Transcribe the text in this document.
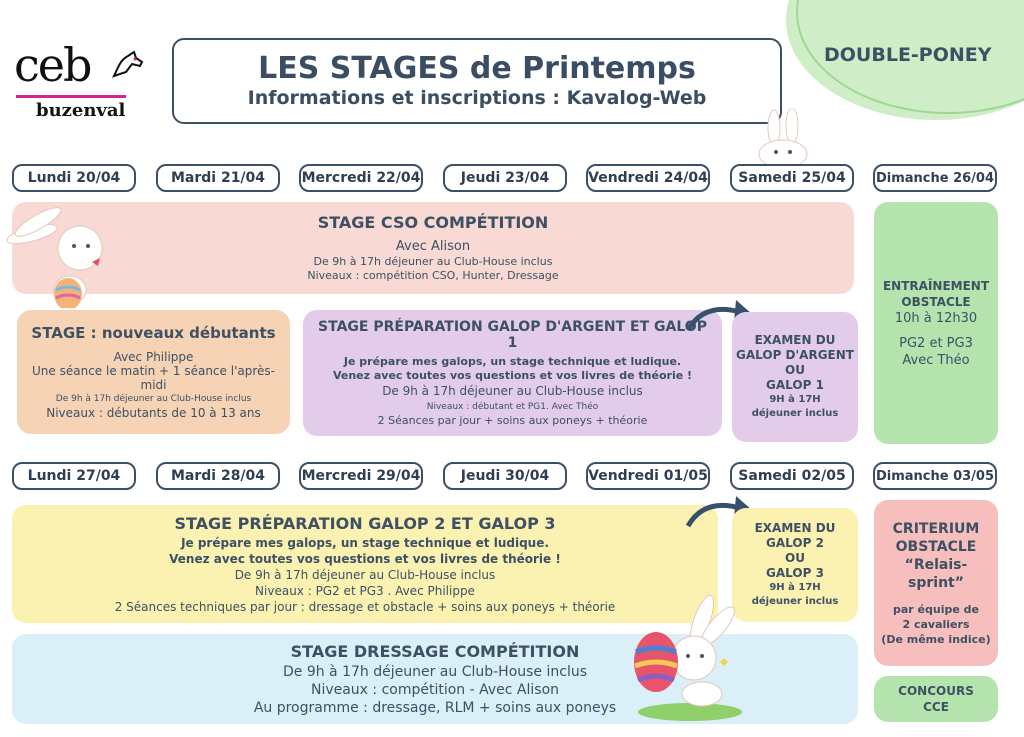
ceb
buzenval
LES STAGES de Printemps
Informations et inscriptions : Kavalog-Web
DOUBLE-PONEY
Lundi 20/04	Mardi 21/04	Mercredi 22/04	Jeudi 23/04	Vendredi 24/04	Samedi 25/04	Dimanche 26/04
STAGE CSO COMPÉTITION
Avec Alison
De 9h à 17h déjeuner au Club-House inclus
Niveaux : compétition CSO, Hunter, Dressage
STAGE : nouveaux débutants
Avec Philippe
Une séance le matin + 1 séance l'après-midi
De 9h à 17h déjeuner au Club-House inclus
Niveaux : débutants de 10 à 13 ans
STAGE PRÉPARATION GALOP D'ARGENT ET GALOP 1
Je prépare mes galops, un stage technique et ludique.
Venez avec toutes vos questions et vos livres de théorie !
De 9h à 17h déjeuner au Club-House inclus
Niveaux : débutant et PG1. Avec Théo
2 Séances par jour + soins aux poneys + théorie
EXAMEN DU
GALOP D'ARGENT
OU
GALOP 1
9H à 17H
déjeuner inclus
ENTRAÎNEMENT
OBSTACLE
10h à 12h30
PG2 et PG3
Avec Théo
Lundi 27/04	Mardi 28/04	Mercredi 29/04	Jeudi 30/04	Vendredi 01/05	Samedi 02/05	Dimanche 03/05
STAGE PRÉPARATION GALOP 2 ET GALOP 3
Je prépare mes galops, un stage technique et ludique.
Venez avec toutes vos questions et vos livres de théorie !
De 9h à 17h déjeuner au Club-House inclus
Niveaux : PG2 et PG3 . Avec Philippe
2 Séances techniques par jour : dressage et obstacle + soins aux poneys + théorie
EXAMEN DU
GALOP 2
OU
GALOP 3
9H à 17H
déjeuner inclus
CRITERIUM
OBSTACLE
“Relais-sprint”
par équipe de
2 cavaliers
(De même indice)
STAGE DRESSAGE COMPÉTITION
De 9h à 17h déjeuner au Club-House inclus
Niveaux : compétition - Avec Alison
Au programme : dressage, RLM + soins aux poneys
CONCOURS
CCE
